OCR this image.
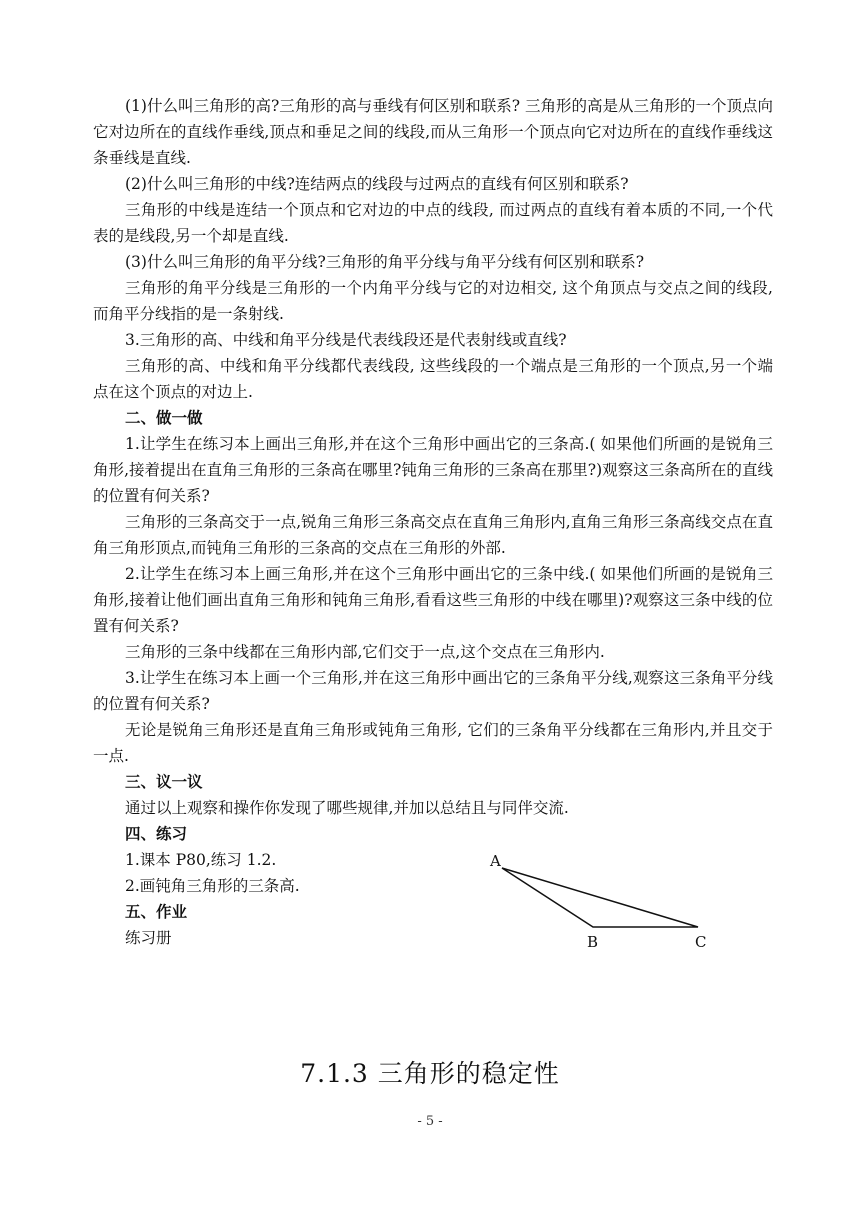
(1)什么叫三角形的高?三角形的高与垂线有何区别和联系? 三角形的高是从三角形的一个顶点向它对边所在的直线作垂线,顶点和垂足之间的线段,而从三角形一个顶点向它对边所在的直线作垂线这条垂线是直线.

(2)什么叫三角形的中线?连结两点的线段与过两点的直线有何区别和联系?

三角形的中线是连结一个顶点和它对边的中点的线段, 而过两点的直线有着本质的不同,一个代表的是线段,另一个却是直线.

(3)什么叫三角形的角平分线?三角形的角平分线与角平分线有何区别和联系?

三角形的角平分线是三角形的一个内角平分线与它的对边相交, 这个角顶点与交点之间的线段,而角平分线指的是一条射线.

3.三角形的高、中线和角平分线是代表线段还是代表射线或直线?

三角形的高、中线和角平分线都代表线段, 这些线段的一个端点是三角形的一个顶点,另一个端点在这个顶点的对边上.

二、做一做

1.让学生在练习本上画出三角形,并在这个三角形中画出它的三条高.( 如果他们所画的是锐角三角形,接着提出在直角三角形的三条高在哪里?钝角三角形的三条高在那里?)观察这三条高所在的直线的位置有何关系?

三角形的三条高交于一点,锐角三角形三条高交点在直角三角形内,直角三角形三条高线交点在直角三角形顶点,而钝角三角形的三条高的交点在三角形的外部.

2.让学生在练习本上画三角形,并在这个三角形中画出它的三条中线.( 如果他们所画的是锐角三角形,接着让他们画出直角三角形和钝角三角形,看看这些三角形的中线在哪里)?观察这三条中线的位置有何关系?

三角形的三条中线都在三角形内部,它们交于一点,这个交点在三角形内.

3.让学生在练习本上画一个三角形,并在这三角形中画出它的三条角平分线,观察这三条角平分线的位置有何关系?

无论是锐角三角形还是直角三角形或钝角三角形, 它们的三条角平分线都在三角形内,并且交于一点.

三、议一议

通过以上观察和操作你发现了哪些规律,并加以总结且与同伴交流.

四、练习

1.课本 P80,练习 1.2.

2.画钝角三角形的三条高.

五、作业

练习册

A
B	C
7.1.3 三角形的稳定性
- 5 -
